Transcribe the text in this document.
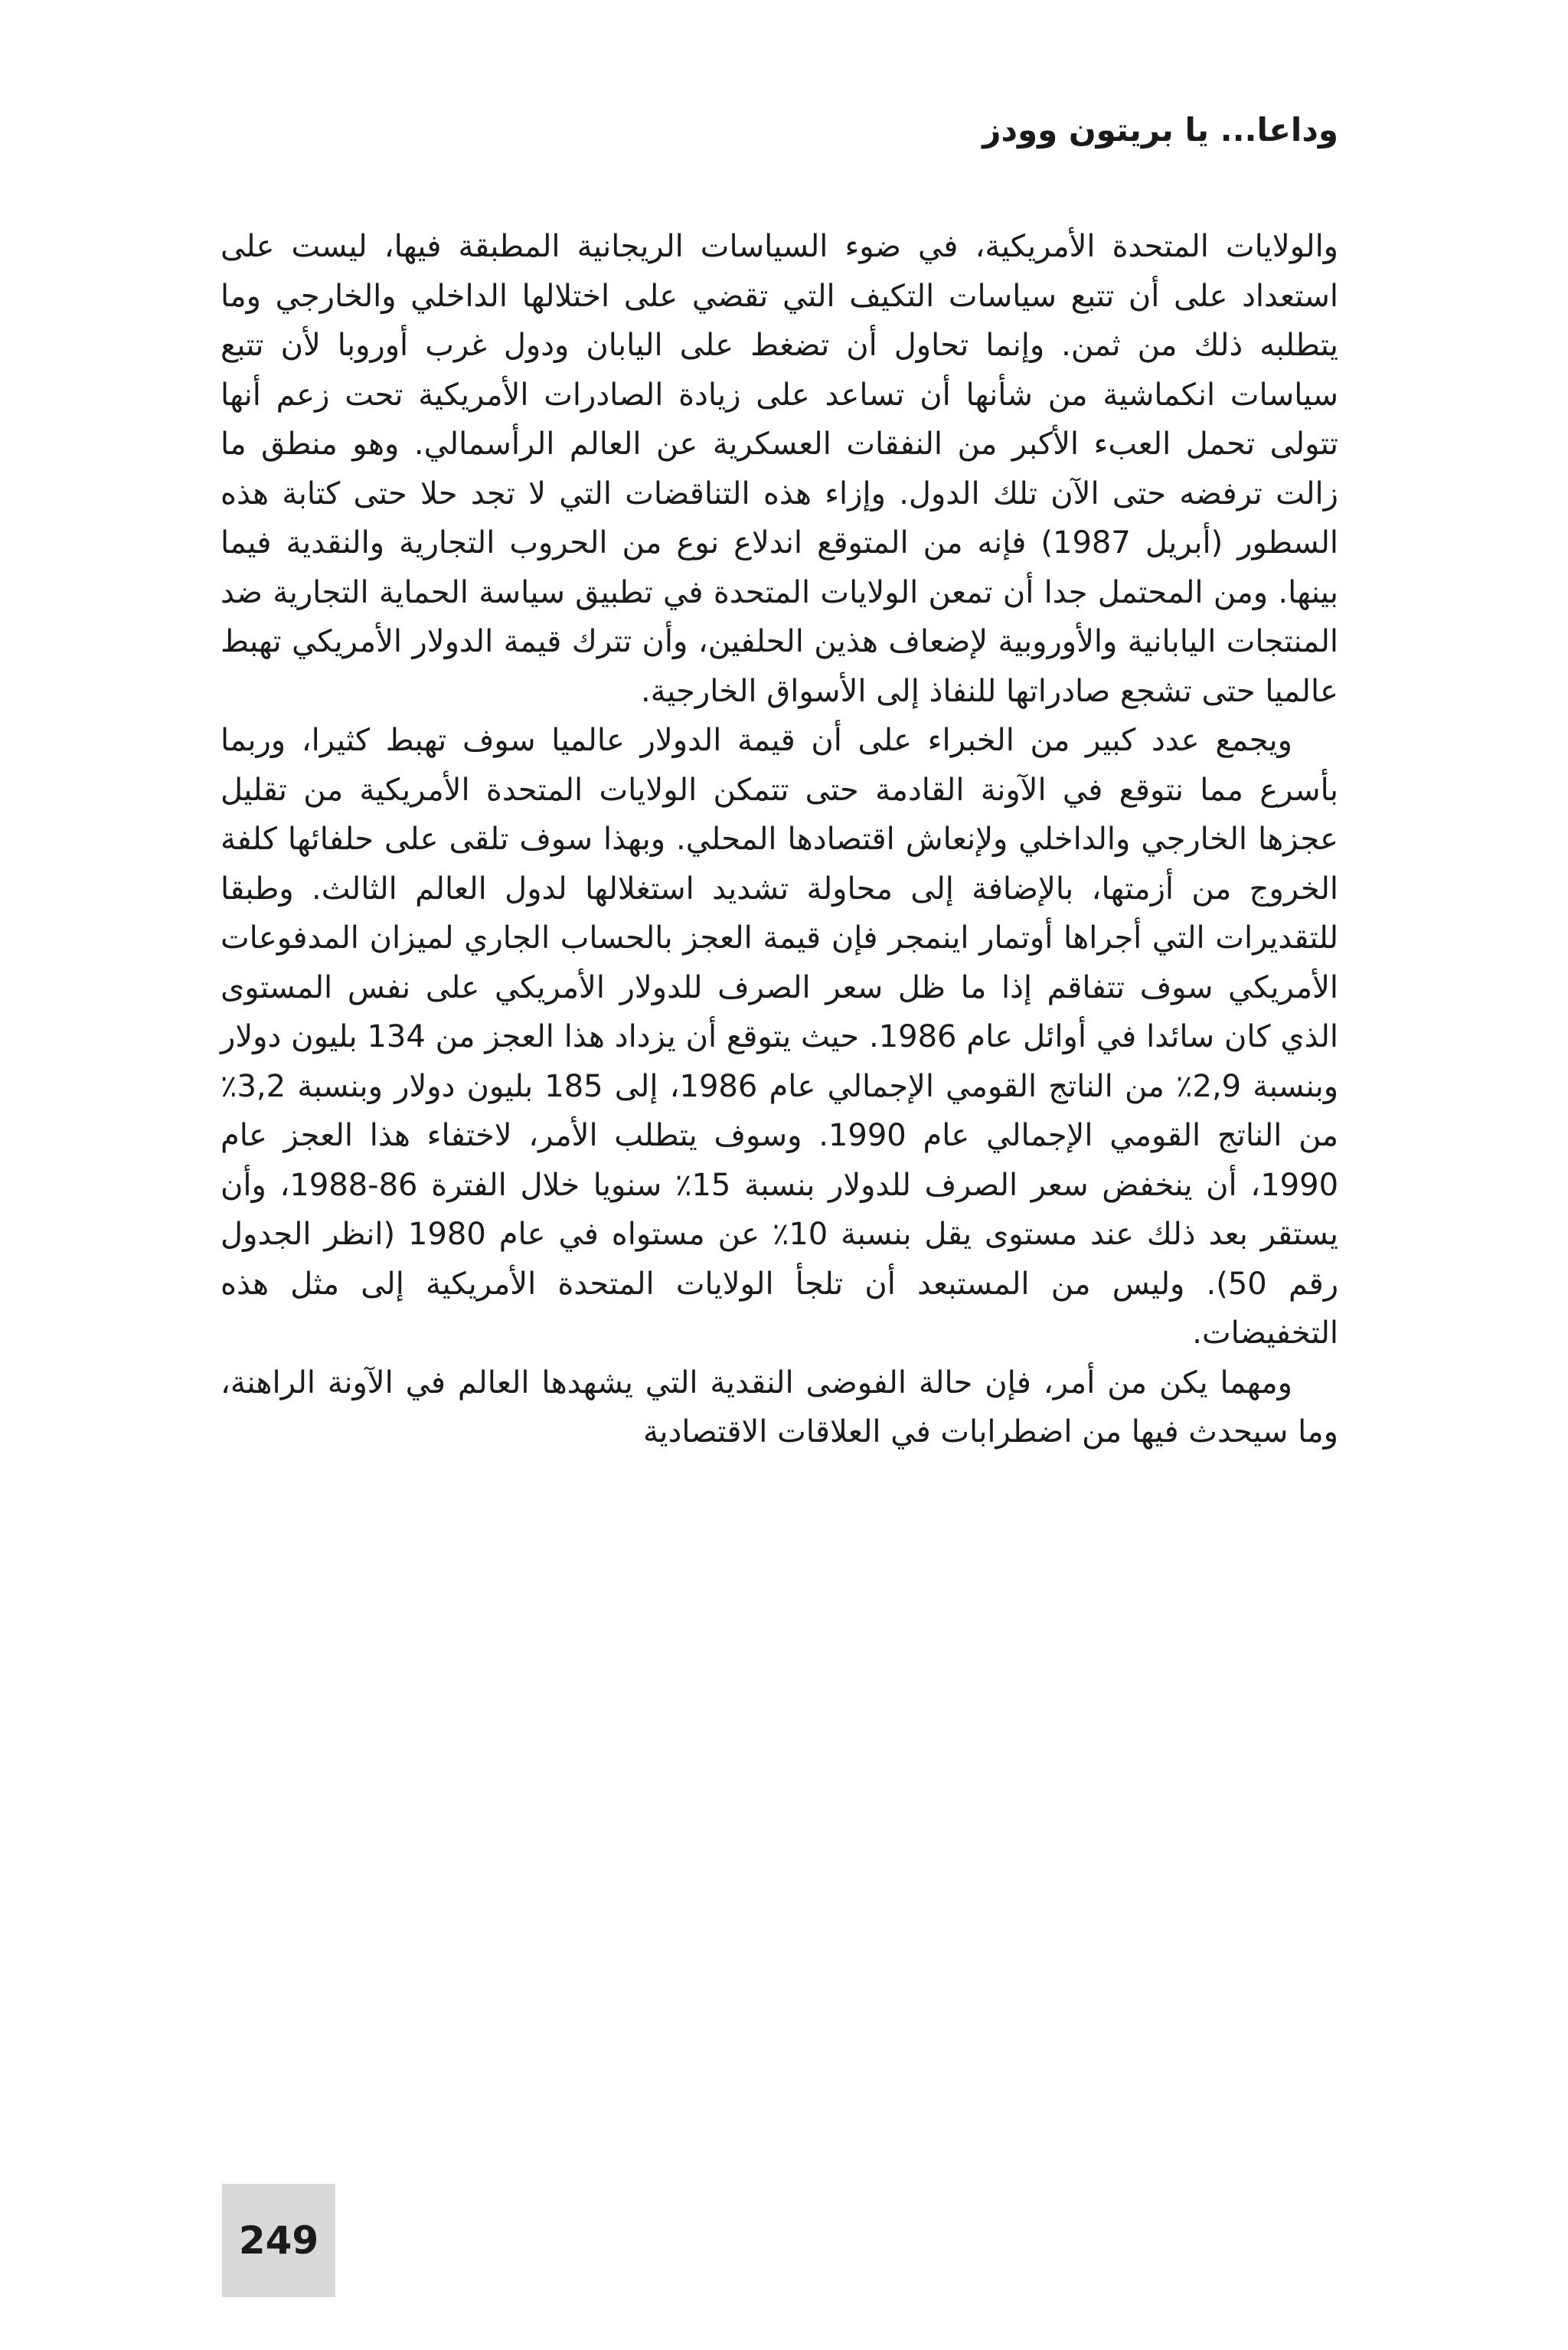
وداعا... يا بريتون وودز

والولايات المتحدة الأمريكية، في ضوء السياسات الريجانية المطبقة فيها، ليست على استعداد على أن تتبع سياسات التكيف التي تقضي على اختلالها الداخلي والخارجي وما يتطلبه ذلك من ثمن. وإنما تحاول أن تضغط على اليابان ودول غرب أوروبا لأن تتبع سياسات انكماشية من شأنها أن تساعد على زيادة الصادرات الأمريكية تحت زعم أنها تتولى تحمل العبء الأكبر من النفقات العسكرية عن العالم الرأسمالي. وهو منطق ما زالت ترفضه حتى الآن تلك الدول. وإزاء هذه التناقضات التي لا تجد حلا حتى كتابة هذه السطور (أبريل 1987) فإنه من المتوقع اندلاع نوع من الحروب التجارية والنقدية فيما بينها. ومن المحتمل جدا أن تمعن الولايات المتحدة في تطبيق سياسة الحماية التجارية ضد المنتجات اليابانية والأوروبية لإضعاف هذين الحلفين، وأن تترك قيمة الدولار الأمريكي تهبط عالميا حتى تشجع صادراتها للنفاذ إلى الأسواق الخارجية.

ويجمع عدد كبير من الخبراء على أن قيمة الدولار عالميا سوف تهبط كثيرا، وربما بأسرع مما نتوقع في الآونة القادمة حتى تتمكن الولايات المتحدة الأمريكية من تقليل عجزها الخارجي والداخلي ولإنعاش اقتصادها المحلي. وبهذا سوف تلقى على حلفائها كلفة الخروج من أزمتها، بالإضافة إلى محاولة تشديد استغلالها لدول العالم الثالث. وطبقا للتقديرات التي أجراها أوتمار اينمجر فإن قيمة العجز بالحساب الجاري لميزان المدفوعات الأمريكي سوف تتفاقم إذا ما ظل سعر الصرف للدولار الأمريكي على نفس المستوى الذي كان سائدا في أوائل عام 1986. حيث يتوقع أن يزداد هذا العجز من 134 بليون دولار وبنسبة 2,9٪ من الناتج القومي الإجمالي عام 1986، إلى 185 بليون دولار وبنسبة 3,2٪ من الناتج القومي الإجمالي عام 1990. وسوف يتطلب الأمر، لاختفاء هذا العجز عام 1990، أن ينخفض سعر الصرف للدولار بنسبة 15٪ سنويا خلال الفترة 86-1988، وأن يستقر بعد ذلك عند مستوى يقل بنسبة 10٪ عن مستواه في عام 1980 (انظر الجدول رقم 50). وليس من المستبعد أن تلجأ الولايات المتحدة الأمريكية إلى مثل هذه التخفيضات.

ومهما يكن من أمر، فإن حالة الفوضى النقدية التي يشهدها العالم في الآونة الراهنة، وما سيحدث فيها من اضطرابات في العلاقات الاقتصادية

249
